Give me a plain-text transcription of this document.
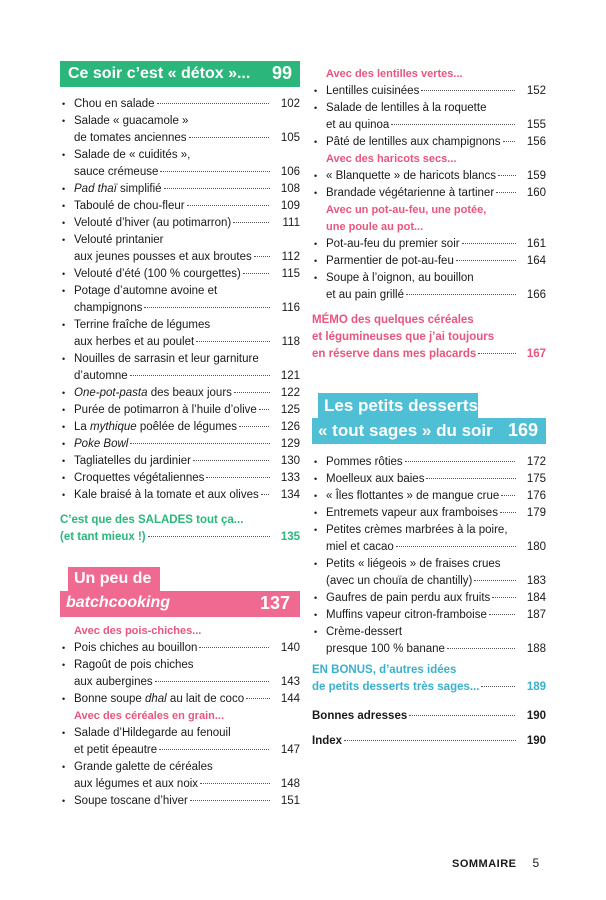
Ce soir c’est « détox »... 99
Un peu de
batchcooking	137
Les petits desserts
« tout sages » du soir 169
• Chou en salade	102
• Salade « guacamole »
de tomates anciennes	105
• Salade de « cuidités »,
sauce crémeuse	106
• Pad thaï simplifié	108
• Taboulé de chou-fleur	109
• Velouté d’hiver (au potimarron)	111
• Velouté printanier
aux jeunes pousses et aux broutes	112
• Velouté d’été (100 % courgettes)	115
• Potage d’automne avoine et
champignons	116
• Terrine fraîche de légumes
aux herbes et au poulet	118
• Nouilles de sarrasin et leur garniture
d’automne	121
• One-pot-pasta des beaux jours	122
• Purée de potimarron à l’huile d’olive	125
• La mythique poêlée de légumes	126
• Poke Bowl	129
• Tagliatelles du jardinier	130
• Croquettes végétaliennes	133
• Kale braisé à la tomate et aux olives	134
C’est que des SALADES tout ça...
(et tant mieux !)	135
Avec des pois-chiches...
• Pois chiches au bouillon	140
• Ragoût de pois chiches
aux aubergines	143
• Bonne soupe dhal au lait de coco	144
Avec des céréales en grain...
• Salade d’Hildegarde au fenouil
et petit épeautre	147
• Grande galette de céréales
aux légumes et aux noix	148
• Soupe toscane d’hiver	151
Avec des lentilles vertes...
• Lentilles cuisinées	152
• Salade de lentilles à la roquette
et au quinoa	155
• Pâté de lentilles aux champignons	156
Avec des haricots secs...
• « Blanquette » de haricots blancs	159
• Brandade végétarienne à tartiner	160
Avec un pot-au-feu, une potée,
une poule au pot...
• Pot-au-feu du premier soir	161
• Parmentier de pot-au-feu	164
• Soupe à l’oignon, au bouillon
et au pain grillé	166
MÉMO des quelques céréales
et légumineuses que j’ai toujours
en réserve dans mes placards	167
• Pommes rôties	172
• Moelleux aux baies	175
• « Îles flottantes » de mangue crue	176
• Entremets vapeur aux framboises	179
• Petites crèmes marbrées à la poire,
miel et cacao	180
• Petits « liégeois » de fraises crues
(avec un chouïa de chantilly)	183
• Gaufres de pain perdu aux fruits	184
• Muffins vapeur citron-framboise	187
• Crème-dessert
presque 100 % banane	188
EN BONUS, d’autres idées
de petits desserts très sages...	189
Bonnes adresses	190
Index	190
SOMMAIRE 5
